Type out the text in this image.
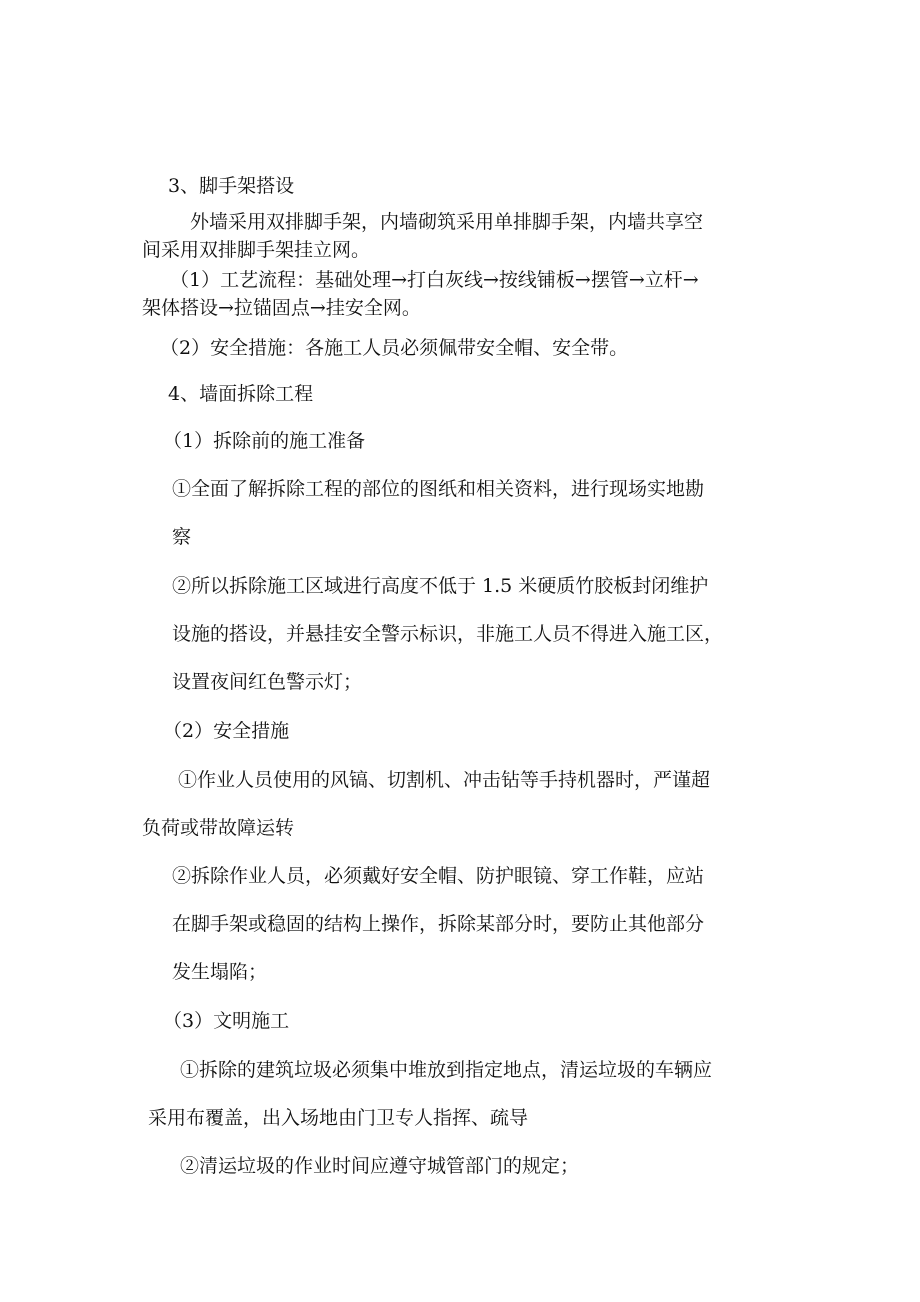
3、脚手架搭设
外墙采用双排脚手架，内墙砌筑采用单排脚手架，内墙共享空
间采用双排脚手架挂立网。
（1）工艺流程：基础处理→打白灰线→按线铺板→摆管→立杆→
架体搭设→拉锚固点→挂安全网。
（2）安全措施：各施工人员必须佩带安全帽、安全带。
4、墙面拆除工程
（1）拆除前的施工准备
①全面了解拆除工程的部位的图纸和相关资料，进行现场实地勘
察
②所以拆除施工区域进行高度不低于 1.5 米硬质竹胶板封闭维护
设施的搭设，并悬挂安全警示标识，非施工人员不得进入施工区，
设置夜间红色警示灯；
（2）安全措施
①作业人员使用的风镐、切割机、冲击钻等手持机器时，严谨超
负荷或带故障运转
②拆除作业人员，必须戴好安全帽、防护眼镜、穿工作鞋，应站
在脚手架或稳固的结构上操作，拆除某部分时，要防止其他部分
发生塌陷；
（3）文明施工
①拆除的建筑垃圾必须集中堆放到指定地点，清运垃圾的车辆应
采用布覆盖，出入场地由门卫专人指挥、疏导
②清运垃圾的作业时间应遵守城管部门的规定；
